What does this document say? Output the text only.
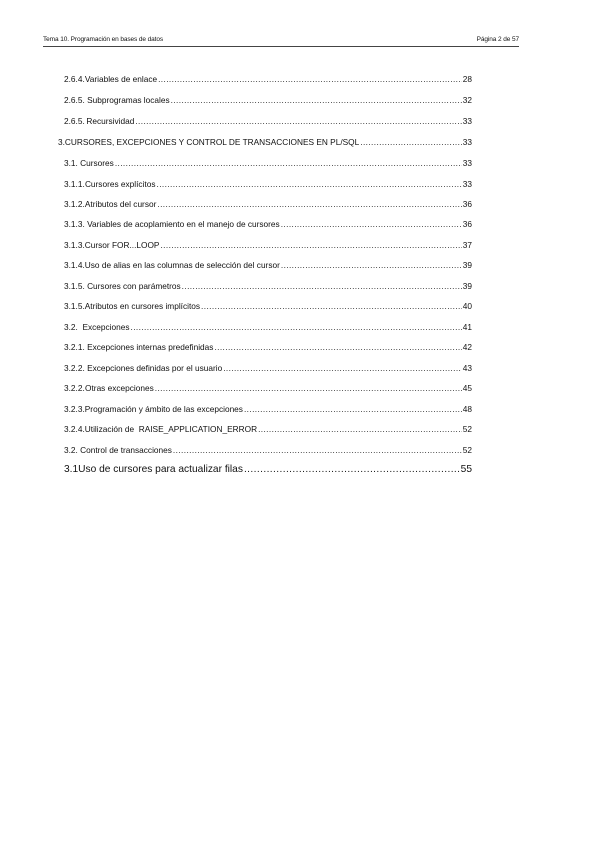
Tema 10. Programación en bases de datos	Página 2 de 57
2.6.4. Variables de enlace .....	28
2.6.5. Subprogramas locales .....	32
2.6.5. Recursividad .....	33
3. CURSORES, EXCEPCIONES Y CONTROL DE TRANSACCIONES EN PL/SQL .....	33
3.1. Cursores .....	33
3.1.1. Cursores explícitos .....	33
3.1.2. Atributos del cursor .....	36
3.1.3. Variables de acoplamiento en el manejo de cursores .....	36
3.1.3. Cursor FOR...LOOP .....	37
3.1.4. Uso de alias en las columnas de selección del cursor .....	39
3.1.5. Cursores con parámetros .....	39
3.1.5. Atributos en cursores implícitos .....	40
3.2.  Excepciones .....	41
3.2.1. Excepciones internas predefinidas .....	42
3.2.2. Excepciones definidas por el usuario .....	43
3.2.2. Otras excepciones .....	45
3.2.3. Programación y ámbito de las excepciones .....	48
3.2.4. Utilización de  RAISE_APPLICATION_ERROR .....	52
3.2. Control de transacciones .....	52
3.1 Uso de cursores para actualizar filas .....	55
